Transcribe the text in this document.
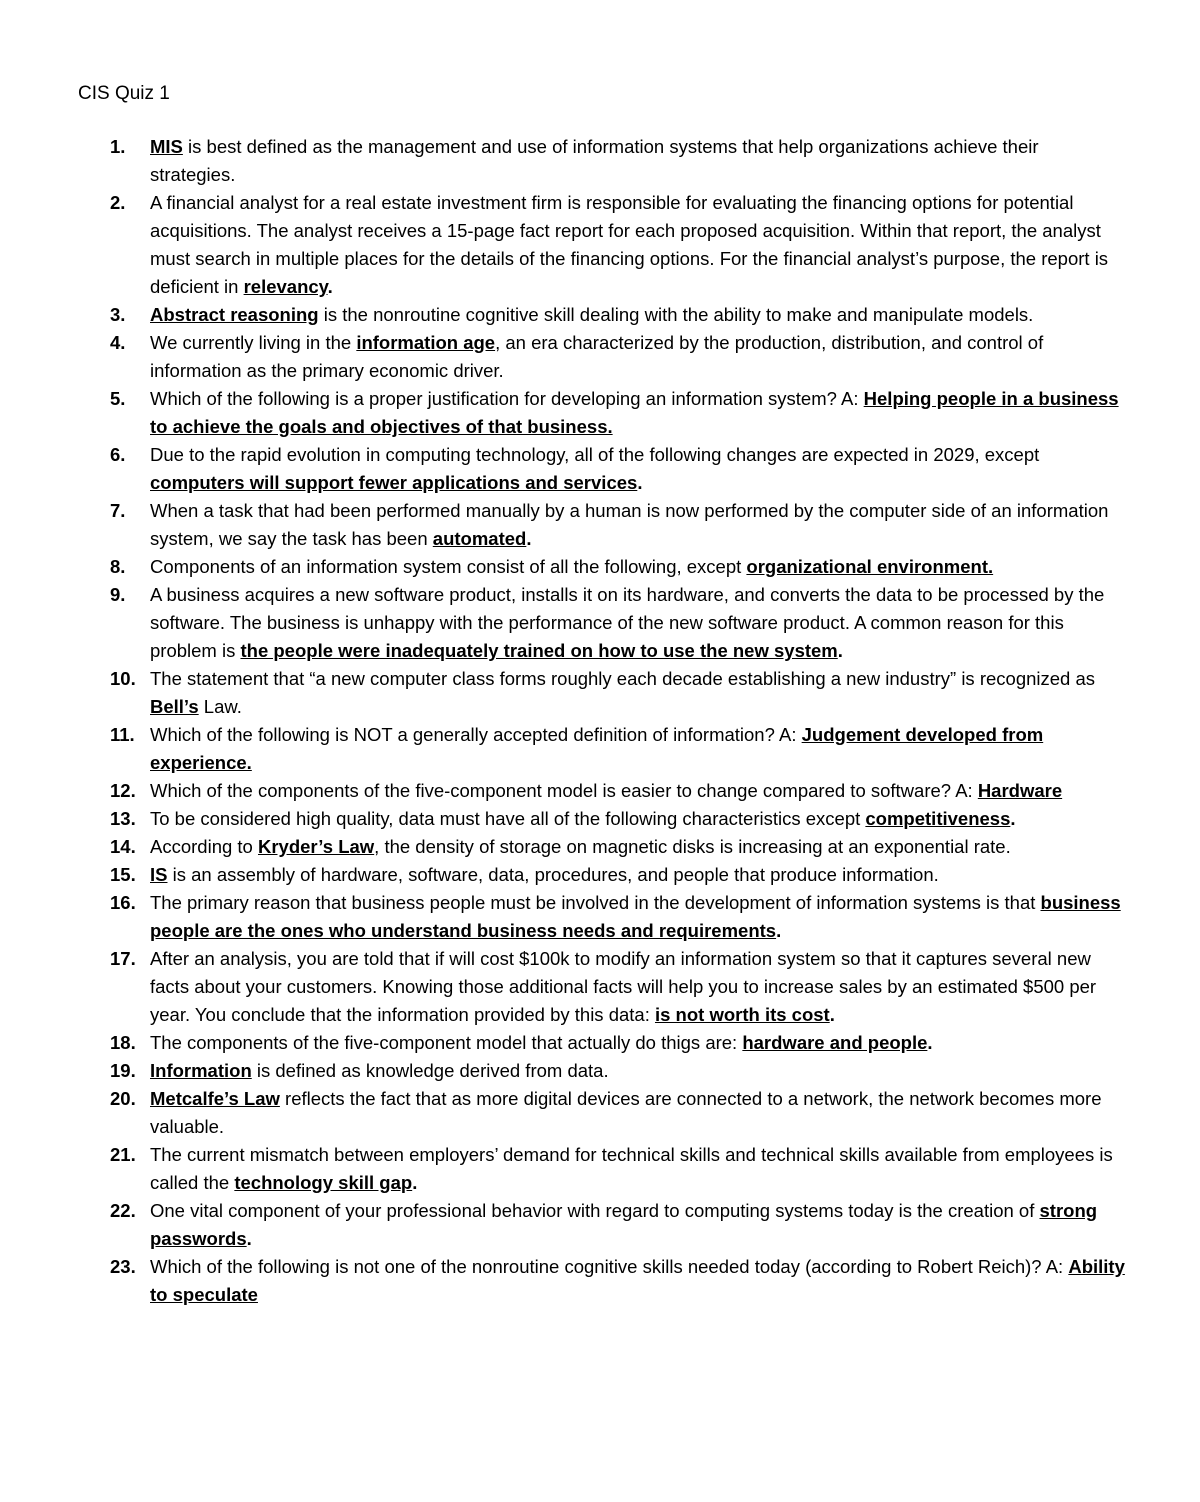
CIS Quiz 1
1. MIS is best defined as the management and use of information systems that help organizations achieve their strategies.
2. A financial analyst for a real estate investment firm is responsible for evaluating the financing options for potential acquisitions. The analyst receives a 15-page fact report for each proposed acquisition. Within that report, the analyst must search in multiple places for the details of the financing options. For the financial analyst’s purpose, the report is deficient in relevancy.
3. Abstract reasoning is the nonroutine cognitive skill dealing with the ability to make and manipulate models.
4. We currently living in the information age, an era characterized by the production, distribution, and control of information as the primary economic driver.
5. Which of the following is a proper justification for developing an information system? A: Helping people in a business to achieve the goals and objectives of that business.
6. Due to the rapid evolution in computing technology, all of the following changes are expected in 2029, except computers will support fewer applications and services.
7. When a task that had been performed manually by a human is now performed by the computer side of an information system, we say the task has been automated.
8. Components of an information system consist of all the following, except organizational environment.
9. A business acquires a new software product, installs it on its hardware, and converts the data to be processed by the software. The business is unhappy with the performance of the new software product. A common reason for this problem is the people were inadequately trained on how to use the new system.
10. The statement that “a new computer class forms roughly each decade establishing a new industry” is recognized as Bell’s Law.
11. Which of the following is NOT a generally accepted definition of information? A: Judgement developed from experience.
12. Which of the components of the five-component model is easier to change compared to software? A: Hardware
13. To be considered high quality, data must have all of the following characteristics except competitiveness.
14. According to Kryder’s Law, the density of storage on magnetic disks is increasing at an exponential rate.
15. IS is an assembly of hardware, software, data, procedures, and people that produce information.
16. The primary reason that business people must be involved in the development of information systems is that business people are the ones who understand business needs and requirements.
17. After an analysis, you are told that if will cost $100k to modify an information system so that it captures several new facts about your customers. Knowing those additional facts will help you to increase sales by an estimated $500 per year. You conclude that the information provided by this data: is not worth its cost.
18. The components of the five-component model that actually do thigs are: hardware and people.
19. Information is defined as knowledge derived from data.
20. Metcalfe’s Law reflects the fact that as more digital devices are connected to a network, the network becomes more valuable.
21. The current mismatch between employers’ demand for technical skills and technical skills available from employees is called the technology skill gap.
22. One vital component of your professional behavior with regard to computing systems today is the creation of strong passwords.
23. Which of the following is not one of the nonroutine cognitive skills needed today (according to Robert Reich)? A: Ability to speculate
